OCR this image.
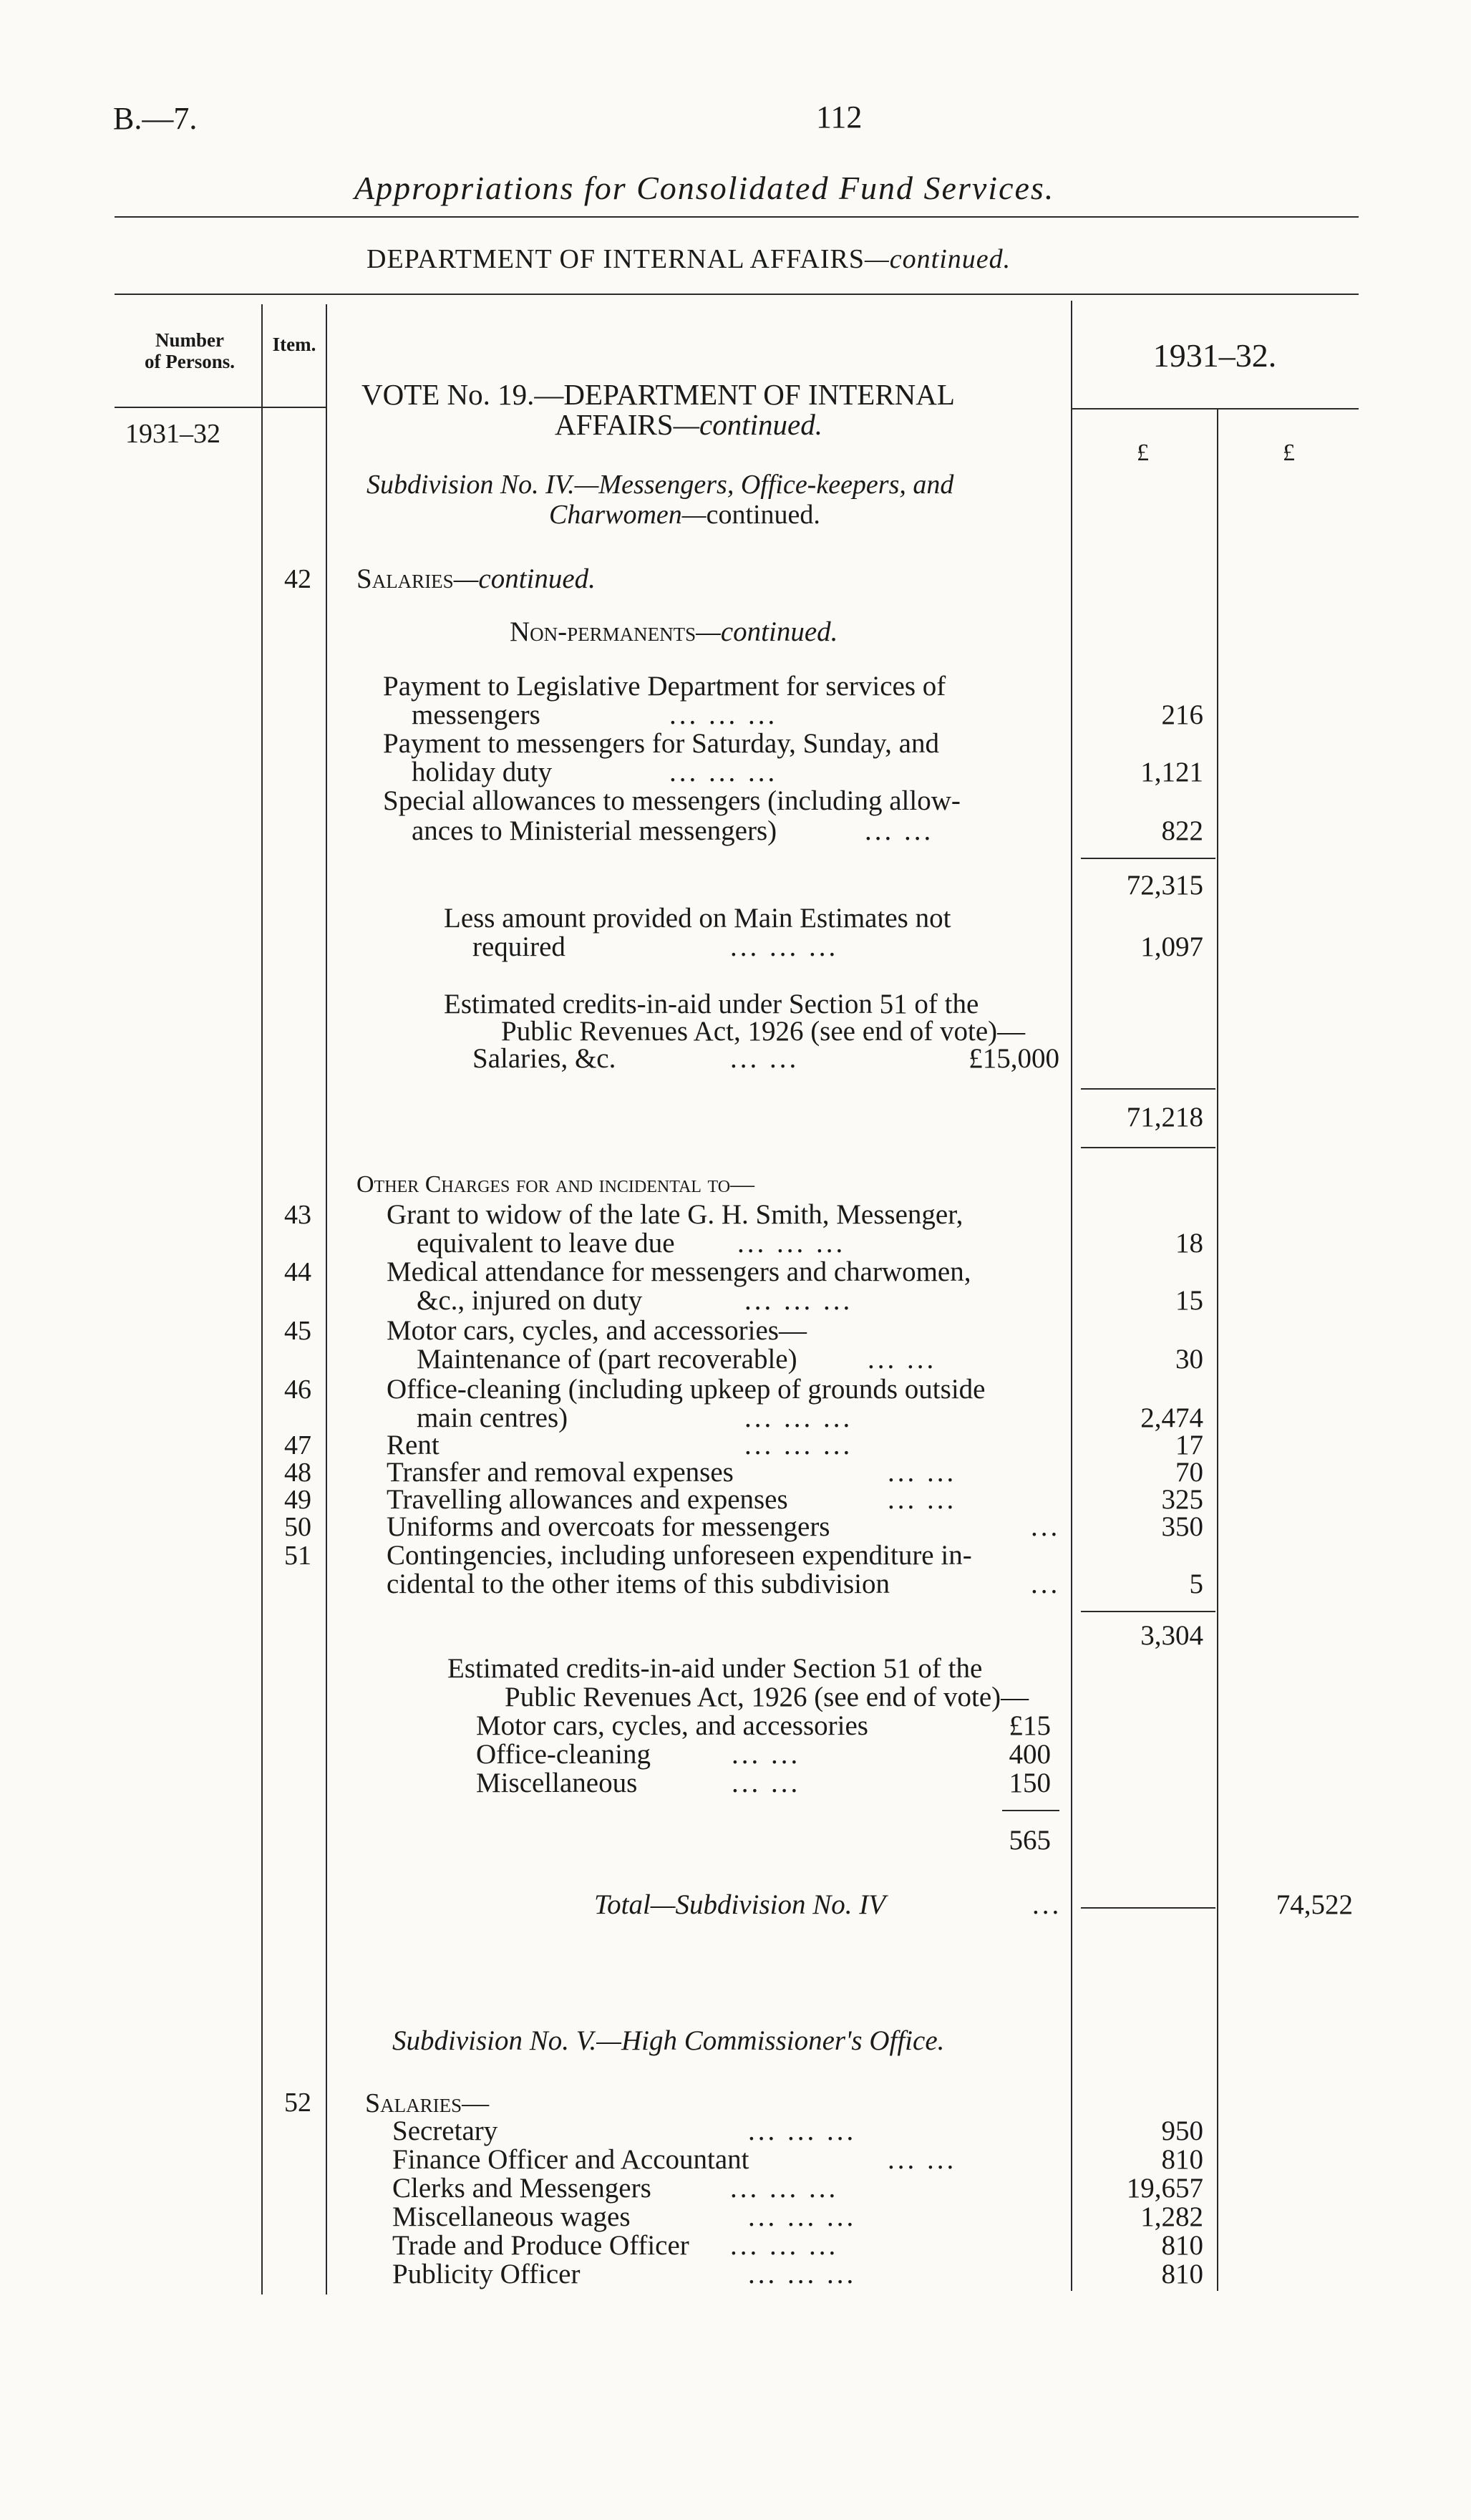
B.—7.	112
Appropriations for Consolidated Fund Services.
DEPARTMENT OF INTERNAL AFFAIRS—continued.
Number
of Persons.
Item.	1931–32.
1931–32
£	£
VOTE No. 19.—DEPARTMENT OF INTERNAL
AFFAIRS—continued.
Subdivision No. IV.—Messengers, Office-keepers, and
Charwomen—continued.
42 Salaries—continued.
Non-permanents—continued.
Payment to Legislative Department for services of
messengers	... ... ...	216
Payment to messengers for Saturday, Sunday, and
holiday duty	... ... ...	1,121
Special allowances to messengers (including allow-
ances to Ministerial messengers)	... ...	822
72,315
Less amount provided on Main Estimates not
required	... ... ...	1,097
Estimated credits-in-aid under Section 51 of the
Public Revenues Act, 1926 (see end of vote)—
Salaries, &c.	... ...	£15,000
71,218
Other Charges for and incidental to—
43	Grant to widow of the late G. H. Smith, Messenger,
equivalent to leave due ... ... ...	18
44	Medical attendance for messengers and charwomen,
&c., injured on duty	... ... ...	15
45	Motor cars, cycles, and accessories—
Maintenance of (part recoverable)	... ...	30
46	Office-cleaning (including upkeep of grounds outside
main centres)	... ... ...	2,474
47	Rent	... ... ...	17
48	Transfer and removal expenses	... ...	70
49	Travelling allowances and expenses	... ...	325
50	Uniforms and overcoats for messengers	...	350
51	Contingencies, including unforeseen expenditure in-
cidental to the other items of this subdivision	...	5
3,304
Estimated credits-in-aid under Section 51 of the
Public Revenues Act, 1926 (see end of vote)—
Motor cars, cycles, and accessories	£15
Office-cleaning	... ...	400
Miscellaneous	... ...	150
565
Total—Subdivision No. IV	...	74,522
Subdivision No. V.—High Commissioner's Office.
52 Salaries—
Secretary	... ... ...	950
Finance Officer and Accountant	... ...	810
Clerks and Messengers	... ... ...	19,657
Miscellaneous wages	... ... ...	1,282
Trade and Produce Officer ... ... ...	810
Publicity Officer	... ... ...	810
